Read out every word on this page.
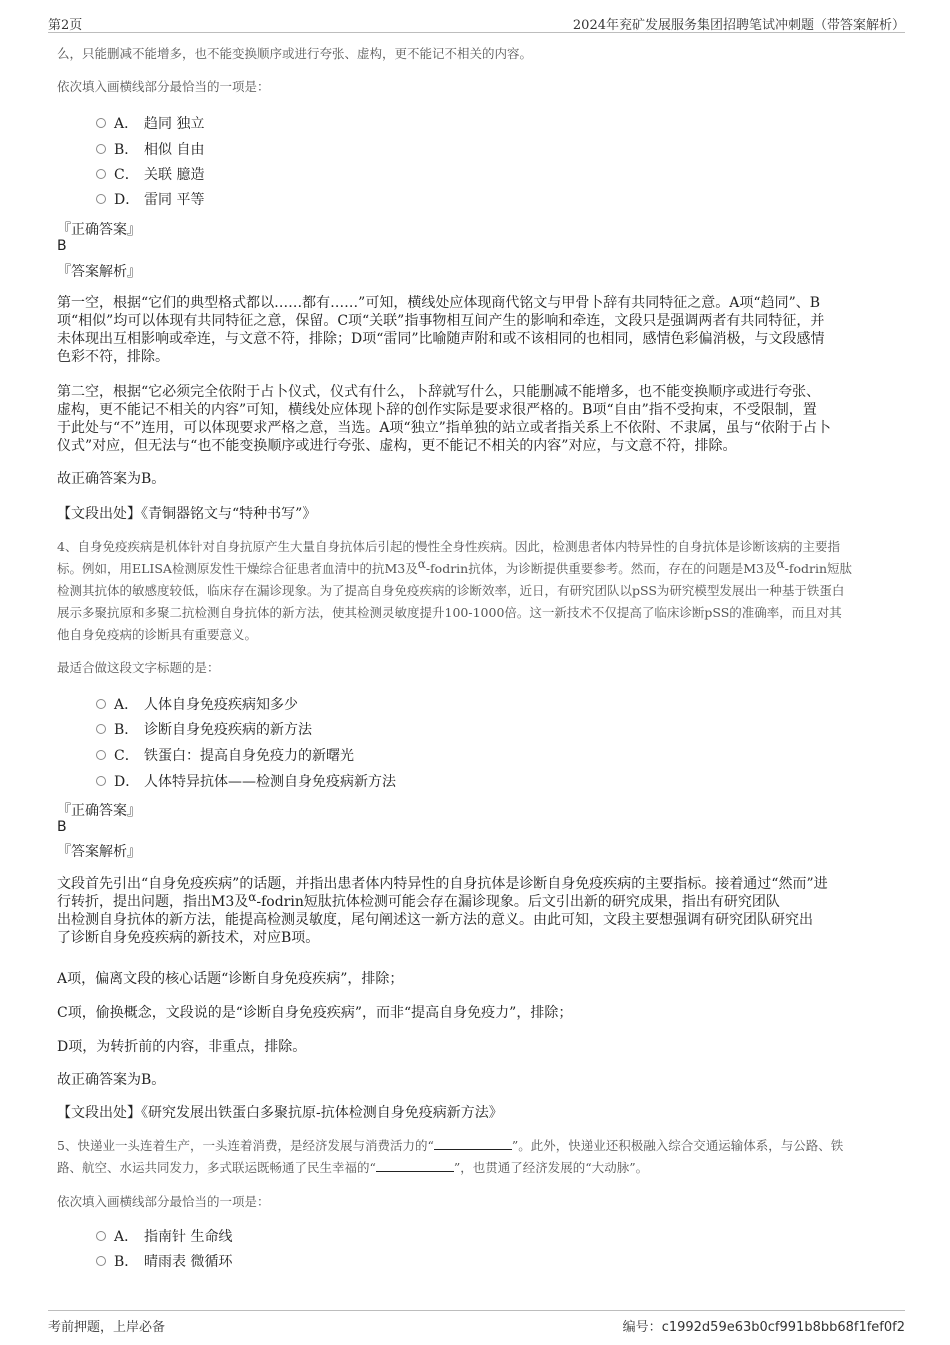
第2页	2024年兖矿发展服务集团招聘笔试冲刺题（带答案解析）
么，只能删减不能增多，也不能变换顺序或进行夸张、虚构，更不能记不相关的内容。
依次填入画横线部分最恰当的一项是：
A． 趋同 独立
B． 相似 自由
C． 关联 臆造
D． 雷同 平等
『正确答案』
B
『答案解析』
第一空，根据“它们的典型格式都以……都有……”可知，横线处应体现商代铭文与甲骨卜辞有共同特征之意。A项“趋同”、B
项“相似”均可以体现有共同特征之意，保留。C项“关联”指事物相互间产生的影响和牵连，文段只是强调两者有共同特征，并
未体现出互相影响或牵连，与文意不符，排除；D项“雷同”比喻随声附和或不该相同的也相同，感情色彩偏消极，与文段感情
色彩不符，排除。
第二空，根据“它必须完全依附于占卜仪式，仪式有什么，卜辞就写什么，只能删减不能增多，也不能变换顺序或进行夸张、
虚构，更不能记不相关的内容”可知，横线处应体现卜辞的创作实际是要求很严格的。B项“自由”指不受拘束，不受限制，置
于此处与“不”连用，可以体现要求严格之意，当选。A项“独立”指单独的站立或者指关系上不依附、不隶属，虽与“依附于占卜
仪式”对应，但无法与“也不能变换顺序或进行夸张、虚构，更不能记不相关的内容”对应，与文意不符，排除。
故正确答案为B。
【文段出处】《青铜器铭文与“特种书写”》
4、自身免疫疾病是机体针对自身抗原产生大量自身抗体后引起的慢性全身性疾病。因此，检测患者体内特异性的自身抗体是诊断该病的主要指
标。例如，用ELISA检测原发性干燥综合征患者血清中的抗M3及α-fodrin抗体，为诊断提供重要参考。然而，存在的问题是M3及α-fodrin短肽
检测其抗体的敏感度较低，临床存在漏诊现象。为了提高自身免疫疾病的诊断效率，近日，有研究团队以pSS为研究模型发展出一种基于铁蛋白
展示多聚抗原和多聚二抗检测自身抗体的新方法，使其检测灵敏度提升100-1000倍。这一新技术不仅提高了临床诊断pSS的准确率，而且对其
他自身免疫病的诊断具有重要意义。
最适合做这段文字标题的是：
A． 人体自身免疫疾病知多少
B． 诊断自身免疫疾病的新方法
C． 铁蛋白：提高自身免疫力的新曙光
D． 人体特异抗体——检测自身免疫病新方法
『正确答案』
B
『答案解析』
文段首先引出“自身免疫疾病”的话题，并指出患者体内特异性的自身抗体是诊断自身免疫疾病的主要指标。接着通过“然而”进
行转折，提出问题，指出M3及α-fodrin短肽抗体检测可能会存在漏诊现象。后文引出新的研究成果，指出有研究团队
出检测自身抗体的新方法，能提高检测灵敏度，尾句阐述这一新方法的意义。由此可知，文段主要想强调有研究团队研究出
了诊断自身免疫疾病的新技术，对应B项。
A项，偏离文段的核心话题“诊断自身免疫疾病”，排除；
C项，偷换概念，文段说的是“诊断自身免疫疾病”，而非“提高自身免疫力”，排除；
D项，为转折前的内容，非重点，排除。
故正确答案为B。
【文段出处】《研究发展出铁蛋白多聚抗原-抗体检测自身免疫病新方法》
5、快递业一头连着生产，一头连着消费，是经济发展与消费活力的“	”。此外，快递业还积极融入综合交通运输体系，与公路、铁
路、航空、水运共同发力，多式联运既畅通了民生幸福的“	”，也贯通了经济发展的“大动脉”。
依次填入画横线部分最恰当的一项是：
A． 指南针 生命线
B． 晴雨表 微循环
考前押题，上岸必备	编号：c1992d59e63b0cf991b8bb68f1fef0f2
